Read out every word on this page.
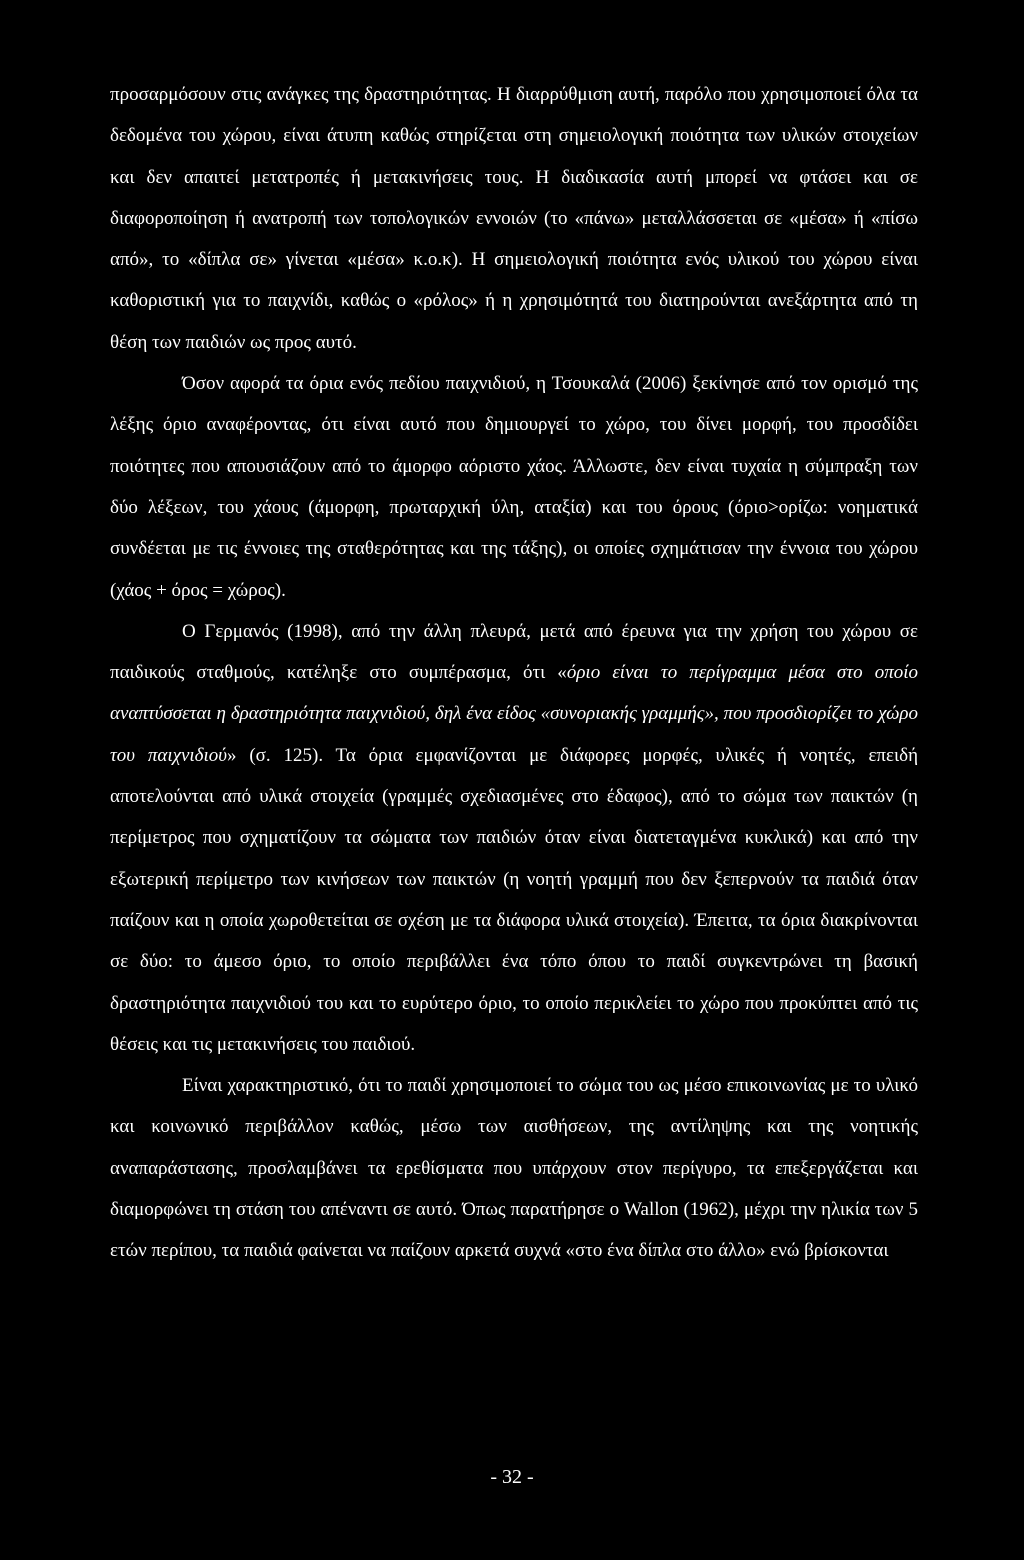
προσαρμόσουν στις ανάγκες της δραστηριότητας. Η διαρρύθμιση αυτή, παρόλο που χρησιμοποιεί όλα τα δεδομένα του χώρου, είναι άτυπη καθώς στηρίζεται στη σημειολογική ποιότητα των υλικών στοιχείων και δεν απαιτεί μετατροπές ή μετακινήσεις τους. Η διαδικασία αυτή μπορεί να φτάσει και σε διαφοροποίηση ή ανατροπή των τοπολογικών εννοιών (το «πάνω» μεταλλάσσεται σε «μέσα» ή «πίσω από», το «δίπλα σε» γίνεται «μέσα» κ.ο.κ). Η σημειολογική ποιότητα ενός υλικού του χώρου είναι καθοριστική για το παιχνίδι, καθώς ο «ρόλος» ή η χρησιμότητά του διατηρούνται ανεξάρτητα από τη θέση των παιδιών ως προς αυτό.

Όσον αφορά τα όρια ενός πεδίου παιχνιδιού, η Τσουκαλά (2006) ξεκίνησε από τον ορισμό της λέξης όριο αναφέροντας, ότι είναι αυτό που δημιουργεί το χώρο, του δίνει μορφή, του προσδίδει ποιότητες που απουσιάζουν από το άμορφο αόριστο χάος. Άλλωστε, δεν είναι τυχαία η σύμπραξη των δύο λέξεων, του χάους (άμορφη, πρωταρχική ύλη, αταξία) και του όρους (όριο>ορίζω: νοηματικά συνδέεται με τις έννοιες της σταθερότητας και της τάξης), οι οποίες σχημάτισαν την έννοια του χώρου (χάος + όρος = χώρος).

Ο Γερμανός (1998), από την άλλη πλευρά, μετά από έρευνα για την χρήση του χώρου σε παιδικούς σταθμούς, κατέληξε στο συμπέρασμα, ότι «όριο είναι το περίγραμμα μέσα στο οποίο αναπτύσσεται η δραστηριότητα παιχνιδιού, δηλ ένα είδος «συνοριακής γραμμής», που προσδιορίζει το χώρο του παιχνιδιού» (σ. 125). Τα όρια εμφανίζονται με διάφορες μορφές, υλικές ή νοητές, επειδή αποτελούνται από υλικά στοιχεία (γραμμές σχεδιασμένες στο έδαφος), από το σώμα των παικτών (η περίμετρος που σχηματίζουν τα σώματα των παιδιών όταν είναι διατεταγμένα κυκλικά) και από την εξωτερική περίμετρο των κινήσεων των παικτών (η νοητή γραμμή που δεν ξεπερνούν τα παιδιά όταν παίζουν και η οποία χωροθετείται σε σχέση με τα διάφορα υλικά στοιχεία). Έπειτα, τα όρια διακρίνονται σε δύο: το άμεσο όριο, το οποίο περιβάλλει ένα τόπο όπου το παιδί συγκεντρώνει τη βασική δραστηριότητα παιχνιδιού του και το ευρύτερο όριο, το οποίο περικλείει το χώρο που προκύπτει από τις θέσεις και τις μετακινήσεις του παιδιού.

Είναι χαρακτηριστικό, ότι το παιδί χρησιμοποιεί το σώμα του ως μέσο επικοινωνίας με το υλικό και κοινωνικό περιβάλλον καθώς, μέσω των αισθήσεων, της αντίληψης και της νοητικής αναπαράστασης, προσλαμβάνει τα ερεθίσματα που υπάρχουν στον περίγυρο, τα επεξεργάζεται και διαμορφώνει τη στάση του απέναντι σε αυτό. Όπως παρατήρησε ο Wallon (1962), μέχρι την ηλικία των 5 ετών περίπου, τα παιδιά φαίνεται να παίζουν αρκετά συχνά «στο ένα δίπλα στο άλλο» ενώ βρίσκονται

- 32 -
